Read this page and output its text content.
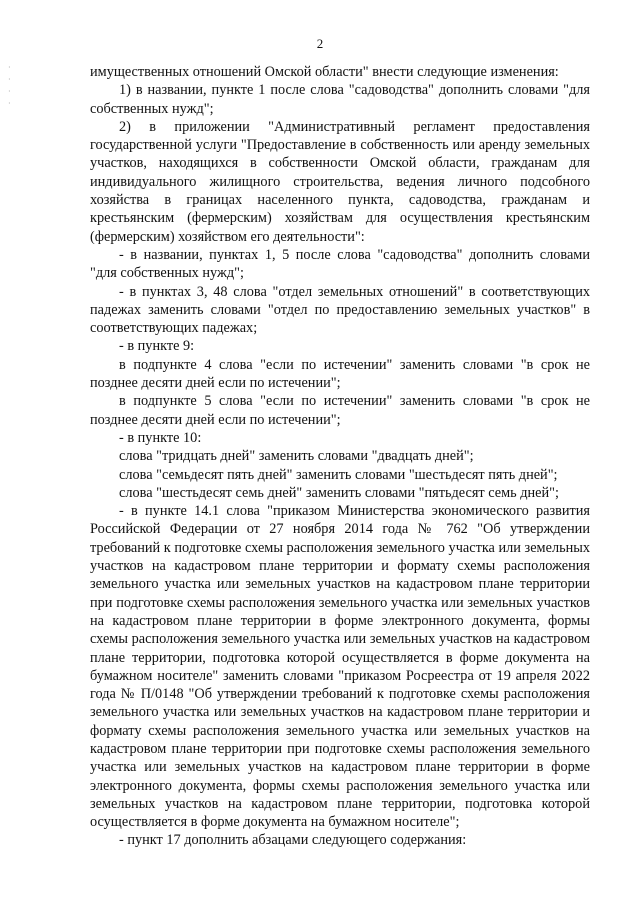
·
·
·
·
2

имущественных отношений Омской области" внести следующие изменения:

1) в названии, пункте 1 после слова "садоводства" дополнить словами "для собственных нужд";

2) в приложении "Административный регламент предоставления государственной услуги "Предоставление в собственность или аренду земельных участков, находящихся в собственности Омской области, гражданам для индивидуального жилищного строительства, ведения личного подсобного хозяйства в границах населенного пункта, садоводства, гражданам и крестьянским (фермерским) хозяйствам для осуществления крестьянским (фермерским) хозяйством его деятельности":

- в названии, пунктах 1, 5 после слова "садоводства" дополнить словами "для собственных нужд";

- в пунктах 3, 48 слова "отдел земельных отношений" в соответствующих падежах заменить словами "отдел по предоставлению земельных участков" в соответствующих падежах;

- в пункте 9:

в подпункте 4 слова "если по истечении" заменить словами "в срок не позднее десяти дней если по истечении";

в подпункте 5 слова "если по истечении" заменить словами "в срок не позднее десяти дней если по истечении";

- в пункте 10:

слова "тридцать дней" заменить словами "двадцать дней";

слова "семьдесят пять дней" заменить словами "шестьдесят пять дней";

слова "шестьдесят семь дней" заменить словами "пятьдесят семь дней";

- в пункте 14.1 слова "приказом Министерства экономического развития Российской Федерации от 27 ноября 2014 года № 762 "Об утверждении требований к подготовке схемы расположения земельного участка или земельных участков на кадастровом плане территории и формату схемы расположения земельного участка или земельных участков на кадастровом плане территории при подготовке схемы расположения земельного участка или земельных участков на кадастровом плане территории в форме электронного документа, формы схемы расположения земельного участка или земельных участков на кадастровом плане территории, подготовка которой осуществляется в форме документа на бумажном носителе" заменить словами "приказом Росреестра от 19 апреля 2022 года № П/0148 "Об утверждении требований к подготовке схемы расположения земельного участка или земельных участков на кадастровом плане территории и формату схемы расположения земельного участка или земельных участков на кадастровом плане территории при подготовке схемы расположения земельного участка или земельных участков на кадастровом плане территории в форме электронного документа, формы схемы расположения земельного участка или земельных участков на кадастровом плане территории, подготовка которой осуществляется в форме документа на бумажном носителе";

- пункт 17 дополнить абзацами следующего содержания:
